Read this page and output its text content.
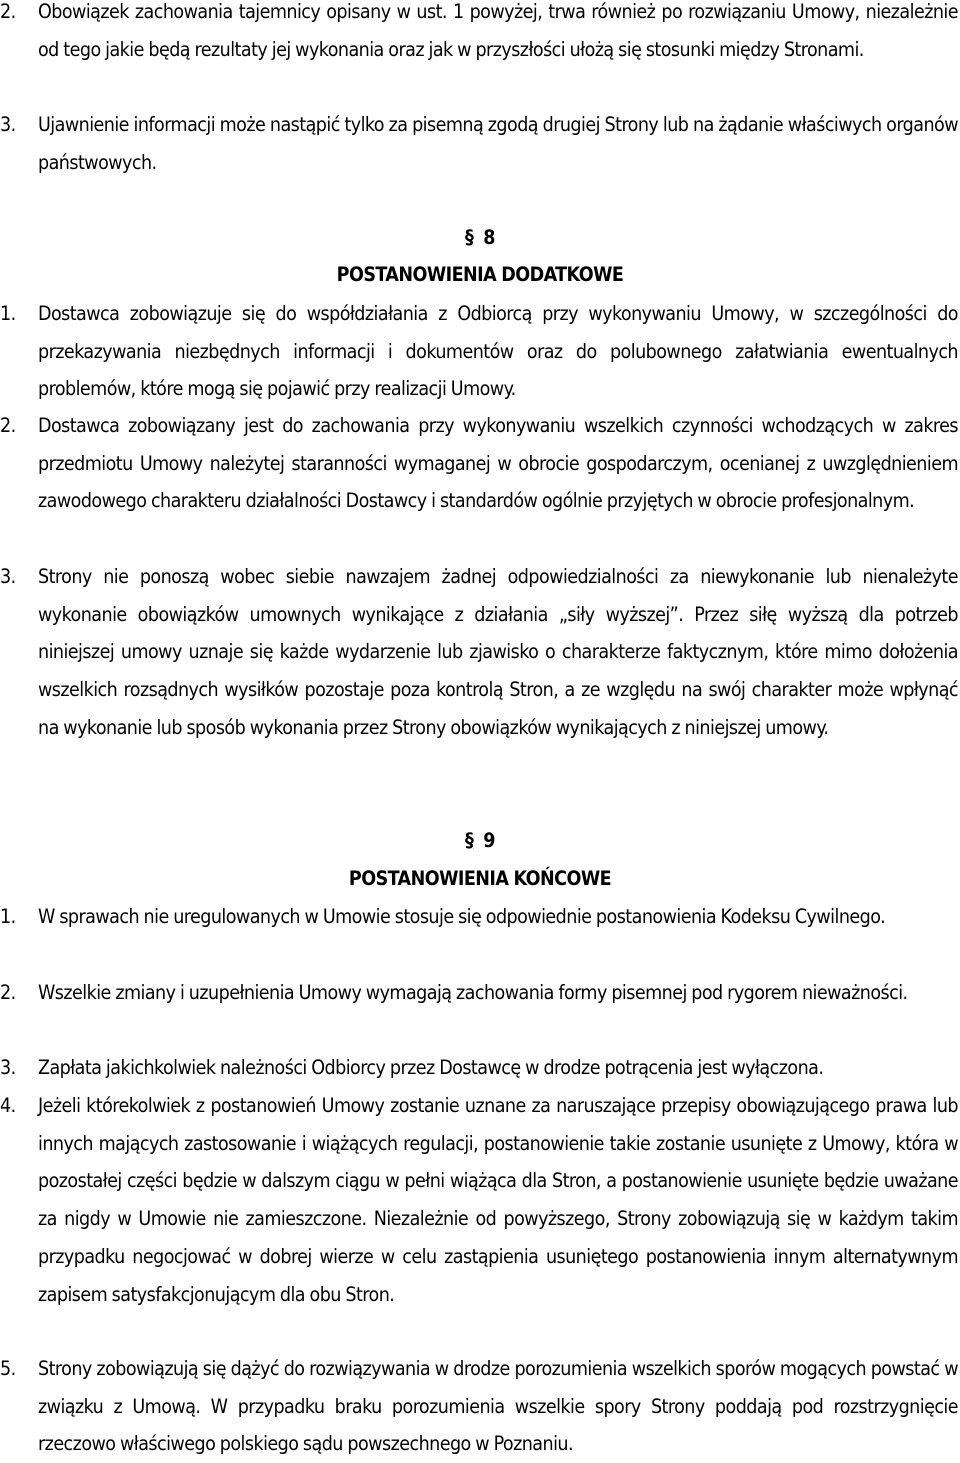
2. Obowiązek zachowania tajemnicy opisany w ust. 1 powyżej, trwa również po rozwiązaniu Umowy, niezależnie od tego jakie będą rezultaty jej wykonania oraz jak w przyszłości ułożą się stosunki między Stronami.
3. Ujawnienie informacji może nastąpić tylko za pisemną zgodą drugiej Strony lub na żądanie właściwych organów państwowych.
§ 8
POSTANOWIENIA DODATKOWE
1. Dostawca zobowiązuje się do współdziałania z Odbiorcą przy wykonywaniu Umowy, w szczególności do przekazywania niezbędnych informacji i dokumentów oraz do polubownego załatwiania ewentualnych problemów, które mogą się pojawić przy realizacji Umowy.
2. Dostawca zobowiązany jest do zachowania przy wykonywaniu wszelkich czynności wchodzących w zakres przedmiotu Umowy należytej staranności wymaganej w obrocie gospodarczym, ocenianej z uwzględnieniem zawodowego charakteru działalności Dostawcy i standardów ogólnie przyjętych w obrocie profesjonalnym.
3. Strony nie ponoszą wobec siebie nawzajem żadnej odpowiedzialności za niewykonanie lub nienależyte wykonanie obowiązków umownych wynikające z działania „siły wyższej”. Przez siłę wyższą dla potrzeb niniejszej umowy uznaje się każde wydarzenie lub zjawisko o charakterze faktycznym, które mimo dołożenia wszelkich rozsądnych wysiłków pozostaje poza kontrolą Stron, a ze względu na swój charakter może wpłynąć na wykonanie lub sposób wykonania przez Strony obowiązków wynikających z niniejszej umowy.
§ 9
POSTANOWIENIA KOŃCOWE
1. W sprawach nie uregulowanych w Umowie stosuje się odpowiednie postanowienia Kodeksu Cywilnego.
2. Wszelkie zmiany i uzupełnienia Umowy wymagają zachowania formy pisemnej pod rygorem nieważności.
3. Zapłata jakichkolwiek należności Odbiorcy przez Dostawcę w drodze potrącenia jest wyłączona.
4. Jeżeli którekolwiek z postanowień Umowy zostanie uznane za naruszające przepisy obowiązującego prawa lub innych mających zastosowanie i wiążących regulacji, postanowienie takie zostanie usunięte z Umowy, która w pozostałej części będzie w dalszym ciągu w pełni wiążąca dla Stron, a postanowienie usunięte będzie uważane za nigdy w Umowie nie zamieszczone. Niezależnie od powyższego, Strony zobowiązują się w każdym takim przypadku negocjować w dobrej wierze w celu zastąpienia usuniętego postanowienia innym alternatywnym zapisem satysfakcjonującym dla obu Stron.
5. Strony zobowiązują się dążyć do rozwiązywania w drodze porozumienia wszelkich sporów mogących powstać w związku z Umową. W przypadku braku porozumienia wszelkie spory Strony poddają pod rozstrzygnięcie rzeczowo właściwego polskiego sądu powszechnego w Poznaniu.
